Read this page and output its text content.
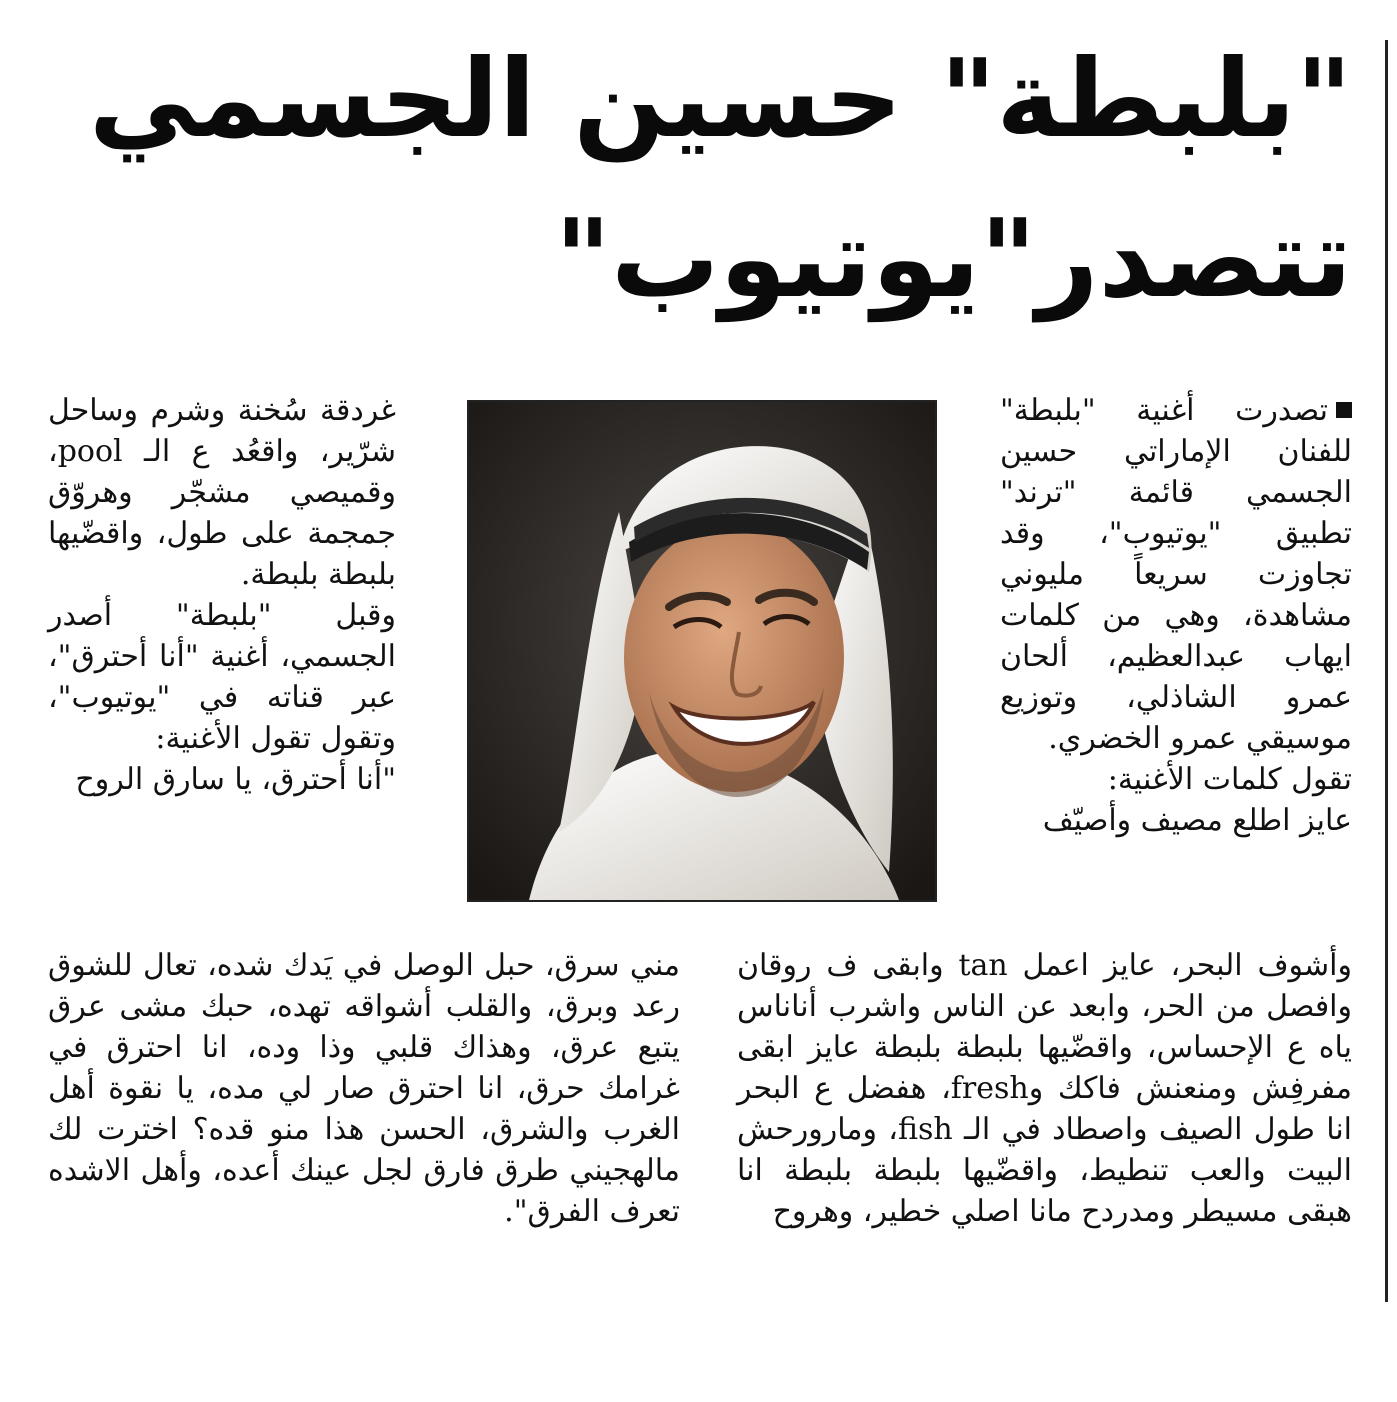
"بلبطة" حسين الجسمي
تتصدر"يوتيوب"

تصدرت أغنية "بلبطة" للفنان الإماراتي حسين الجسمي قائمة "ترند" تطبيق "يوتيوب"، وقد تجاوزت سريعاً مليوني مشاهدة، وهي من كلمات ايهاب عبدالعظيم، ألحان عمرو الشاذلي، وتوزيع موسيقي عمرو الخضري.

تقول كلمات الأغنية:

عايز اطلع مصيف وأصيّف

غردقة سُخنة وشرم وساحل شرّير، واقعُد ع الـ pool، وقميصي مشجّر وهروّق جمجمة على طول، واقضّيها بلبطة بلبطة.

وقبل "بلبطة" أصدر الجسمي، أغنية "أنا أحترق"، عبر قناته في "يوتيوب"، وتقول تقول الأغنية:

"أنا أحترق، يا سارق الروح

وأشوف البحر، عايز اعمل tan وابقى ف روقان وافصل من الحر، وابعد عن الناس واشرب أناناس ياه ع الإحساس، واقضّيها بلبطة بلبطة عايز ابقى مفرفِش ومنعنش فاكك وfresh، هفضل ع البحر انا طول الصيف واصطاد في الـ fish، ومارورحش البيت والعب تنطيط، واقضّيها بلبطة بلبطة انا هبقى مسيطر ومدردح مانا اصلي خطير، وهروح

مني سرق، حبل الوصل في يَدك شده، تعال للشوق رعد وبرق، والقلب أشواقه تهده، حبك مشى عرق يتبع عرق، وهذاك قلبي وذا وده، انا احترق في غرامك حرق، انا احترق صار لي مده، يا نقوة أهل الغرب والشرق، الحسن هذا منو قده؟ اخترت لك مالهجيني طرق فارق لجل عينك أعده، وأهل الاشده تعرف الفرق".
